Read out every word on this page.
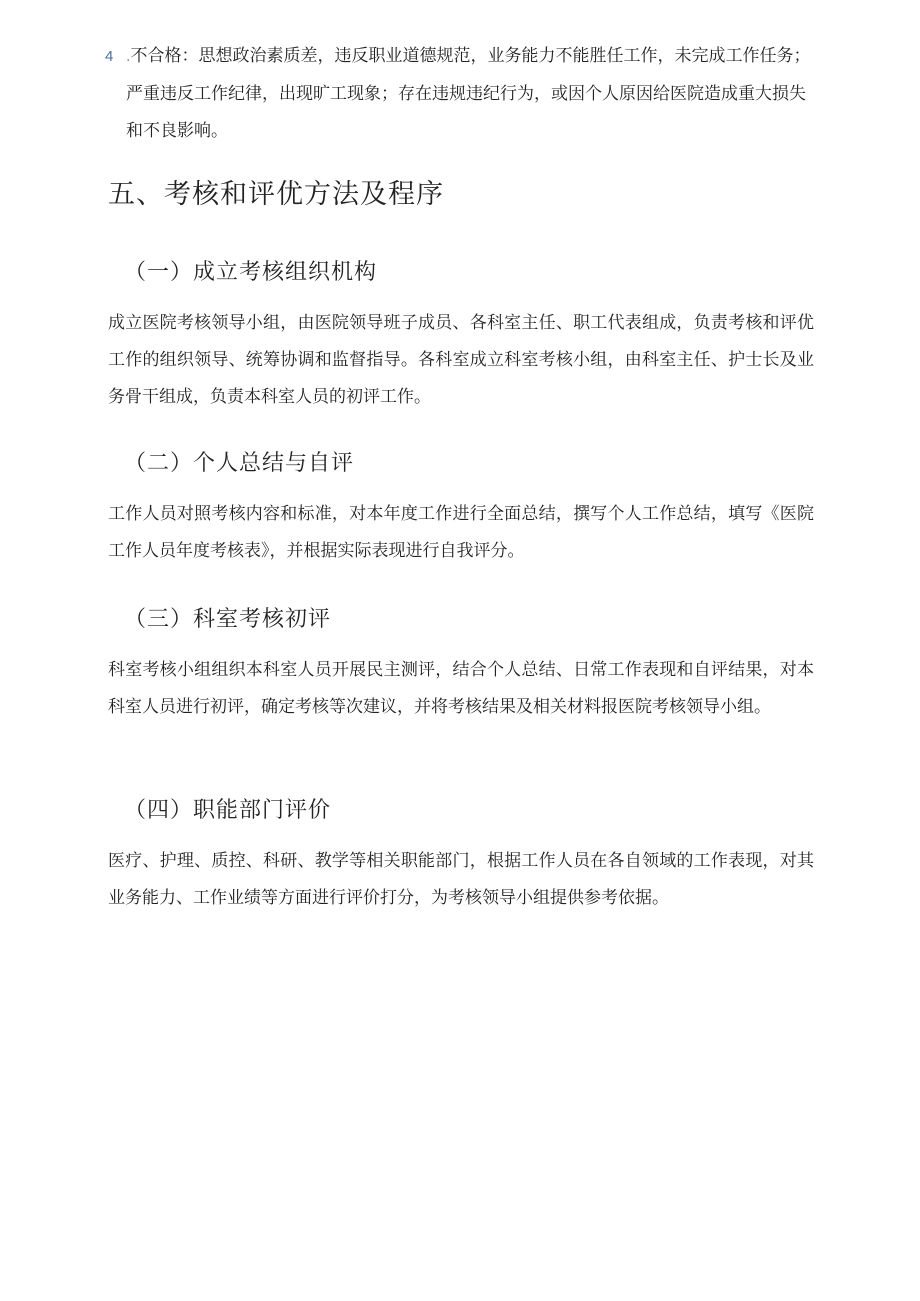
4 .不合格：思想政治素质差，违反职业道德规范，业务能力不能胜任工作，未完成工作任务；严重违反工作纪律，出现旷工现象；存在违规违纪行为，或因个人原因给医院造成重大损失和不良影响。
五、考核和评优方法及程序
（一）成立考核组织机构

成立医院考核领导小组，由医院领导班子成员、各科室主任、职工代表组成，负责考核和评优工作的组织领导、统筹协调和监督指导。各科室成立科室考核小组，由科室主任、护士长及业务骨干组成，负责本科室人员的初评工作。

（二）个人总结与自评

工作人员对照考核内容和标准，对本年度工作进行全面总结，撰写个人工作总结，填写《医院工作人员年度考核表》，并根据实际表现进行自我评分。

（三）科室考核初评

科室考核小组组织本科室人员开展民主测评，结合个人总结、日常工作表现和自评结果，对本科室人员进行初评，确定考核等次建议，并将考核结果及相关材料报医院考核领导小组。

（四）职能部门评价

医疗、护理、质控、科研、教学等相关职能部门，根据工作人员在各自领域的工作表现，对其业务能力、工作业绩等方面进行评价打分，为考核领导小组提供参考依据。
